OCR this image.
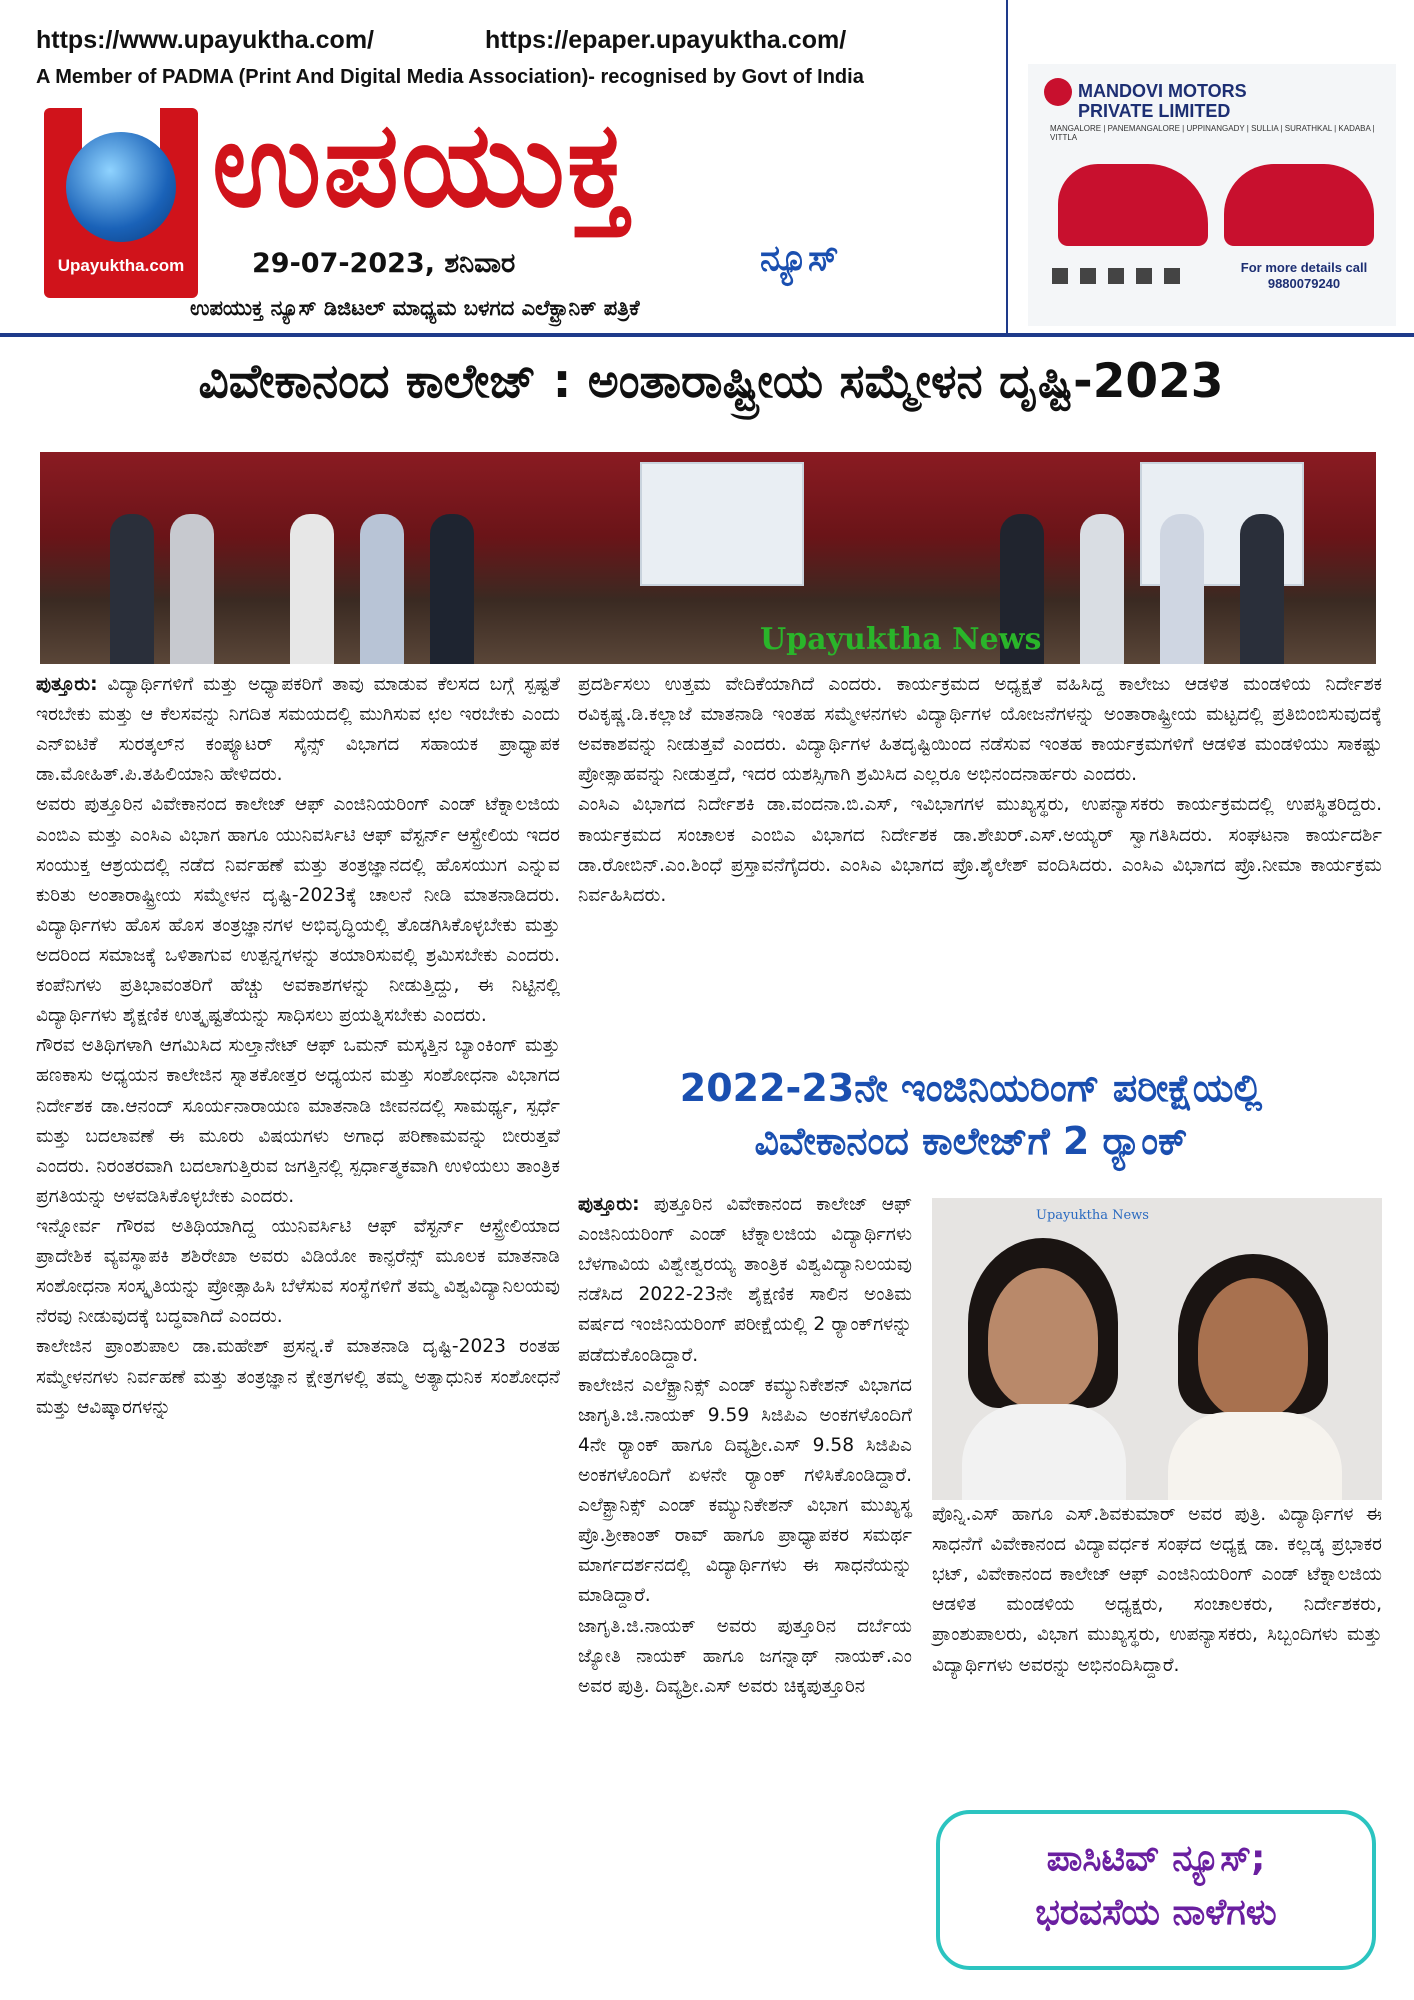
https://www.upayuktha.com/	https://epaper.upayuktha.com/
A Member of PADMA (Print And Digital Media Association)- recognised by Govt of India
Upayuktha.com
ಉಪಯುಕ್ತ
ನ್ಯೂಸ್
29-07-2023, ಶನಿವಾರ
ಉಪಯುಕ್ತ ನ್ಯೂಸ್ ಡಿಜಿಟಲ್ ಮಾಧ್ಯಮ ಬಳಗದ ಎಲೆಕ್ಟ್ರಾನಿಕ್ ಪತ್ರಿಕೆ
MANDOVI MOTORS
PRIVATE LIMITED
MANGALORE | PANEMANGALORE | UPPINANGADY | SULLIA | SURATHKAL | KADABA | VITTLA
For more details call
9880079240
ವಿವೇಕಾನಂದ ಕಾಲೇಜ್ : ಅಂತಾರಾಷ್ಟ್ರೀಯ ಸಮ್ಮೇಳನ ದೃಷ್ಟಿ-2023
Upayuktha News

ಪುತ್ತೂರು: ವಿದ್ಯಾರ್ಥಿಗಳಿಗೆ ಮತ್ತು ಅಧ್ಯಾಪಕರಿಗೆ ತಾವು ಮಾಡುವ ಕೆಲಸದ ಬಗ್ಗೆ ಸ್ಪಷ್ಟತೆ ಇರಬೇಕು ಮತ್ತು ಆ ಕೆಲಸವನ್ನು ನಿಗದಿತ ಸಮಯದಲ್ಲಿ ಮುಗಿಸುವ ಛಲ ಇರಬೇಕು ಎಂದು ಎನ್‌ಐಟಿಕೆ ಸುರತ್ಕಲ್‌ನ ಕಂಪ್ಯೂಟರ್ ಸೈನ್ಸ್ ವಿಭಾಗದ ಸಹಾಯಕ ಪ್ರಾಧ್ಯಾಪಕ ಡಾ.ಮೋಹಿತ್.ಪಿ.ತಹಿಲಿಯಾನಿ ಹೇಳಿದರು.

ಅವರು ಪುತ್ತೂರಿನ ವಿವೇಕಾನಂದ ಕಾಲೇಜ್ ಆಫ್ ಎಂಜಿನಿಯರಿಂಗ್ ಎಂಡ್ ಟೆಕ್ನಾಲಜಿಯ ಎಂಬಿಎ ಮತ್ತು ಎಂಸಿಎ ವಿಭಾಗ ಹಾಗೂ ಯುನಿವರ್ಸಿಟಿ ಆಫ್ ವೆಸ್ಟರ್ನ್ ಆಸ್ಟ್ರೇಲಿಯ ಇದರ ಸಂಯುಕ್ತ ಆಶ್ರಯದಲ್ಲಿ ನಡೆದ ನಿರ್ವಹಣೆ ಮತ್ತು ತಂತ್ರಜ್ಞಾನದಲ್ಲಿ ಹೊಸಯುಗ ಎನ್ನುವ ಕುರಿತು ಅಂತಾರಾಷ್ಟ್ರೀಯ ಸಮ್ಮೇಳನ ದೃಷ್ಟಿ-2023ಕ್ಕೆ ಚಾಲನೆ ನೀಡಿ ಮಾತನಾಡಿದರು. ವಿದ್ಯಾರ್ಥಿಗಳು ಹೊಸ ಹೊಸ ತಂತ್ರಜ್ಞಾನಗಳ ಅಭಿವೃದ್ಧಿಯಲ್ಲಿ ತೊಡಗಿಸಿಕೊಳ್ಳಬೇಕು ಮತ್ತು ಅದರಿಂದ ಸಮಾಜಕ್ಕೆ ಒಳಿತಾಗುವ ಉತ್ಪನ್ನಗಳನ್ನು ತಯಾರಿಸುವಲ್ಲಿ ಶ್ರಮಿಸಬೇಕು ಎಂದರು. ಕಂಪೆನಿಗಳು ಪ್ರತಿಭಾವಂತರಿಗೆ ಹೆಚ್ಚು ಅವಕಾಶಗಳನ್ನು ನೀಡುತ್ತಿದ್ದು, ಈ ನಿಟ್ಟಿನಲ್ಲಿ ವಿದ್ಯಾರ್ಥಿಗಳು ಶೈಕ್ಷಣಿಕ ಉತ್ಕೃಷ್ಟತೆಯನ್ನು ಸಾಧಿಸಲು ಪ್ರಯತ್ನಿಸಬೇಕು ಎಂದರು.

ಗೌರವ ಅತಿಥಿಗಳಾಗಿ ಆಗಮಿಸಿದ ಸುಲ್ತಾನೇಟ್ ಆಫ್ ಒಮನ್ ಮಸ್ಕತ್ತಿನ ಬ್ಯಾಂಕಿಂಗ್ ಮತ್ತು ಹಣಕಾಸು ಅಧ್ಯಯನ ಕಾಲೇಜಿನ ಸ್ನಾತಕೋತ್ತರ ಅಧ್ಯಯನ ಮತ್ತು ಸಂಶೋಧನಾ ವಿಭಾಗದ ನಿರ್ದೇಶಕ ಡಾ.ಆನಂದ್ ಸೂರ್ಯನಾರಾಯಣ ಮಾತನಾಡಿ ಜೀವನದಲ್ಲಿ ಸಾಮರ್ಥ್ಯ, ಸ್ಪರ್ಧೆ ಮತ್ತು ಬದಲಾವಣೆ ಈ ಮೂರು ವಿಷಯಗಳು ಅಗಾಧ ಪರಿಣಾಮವನ್ನು ಬೀರುತ್ತವೆ ಎಂದರು. ನಿರಂತರವಾಗಿ ಬದಲಾಗುತ್ತಿರುವ ಜಗತ್ತಿನಲ್ಲಿ ಸ್ಪರ್ಧಾತ್ಮಕವಾಗಿ ಉಳಿಯಲು ತಾಂತ್ರಿಕ ಪ್ರಗತಿಯನ್ನು ಅಳವಡಿಸಿಕೊಳ್ಳಬೇಕು ಎಂದರು.

ಇನ್ನೋರ್ವ ಗೌರವ ಅತಿಥಿಯಾಗಿದ್ದ ಯುನಿವರ್ಸಿಟಿ ಆಫ್ ವೆಸ್ಟರ್ನ್ ಆಸ್ಟ್ರೇಲಿಯಾದ ಪ್ರಾದೇಶಿಕ ವ್ಯವಸ್ಥಾಪಕಿ ಶಶಿರೇಖಾ ಅವರು ವಿಡಿಯೋ ಕಾನ್ಫರೆನ್ಸ್ ಮೂಲಕ ಮಾತನಾಡಿ ಸಂಶೋಧನಾ ಸಂಸ್ಕೃತಿಯನ್ನು ಪ್ರೋತ್ಸಾಹಿಸಿ ಬೆಳೆಸುವ ಸಂಸ್ಥೆಗಳಿಗೆ ತಮ್ಮ ವಿಶ್ವವಿದ್ಯಾನಿಲಯವು ನೆರವು ನೀಡುವುದಕ್ಕೆ ಬದ್ಧವಾಗಿದೆ ಎಂದರು.

ಕಾಲೇಜಿನ ಪ್ರಾಂಶುಪಾಲ ಡಾ.ಮಹೇಶ್ ಪ್ರಸನ್ನ.ಕೆ ಮಾತನಾಡಿ ದೃಷ್ಟಿ-2023 ರಂತಹ ಸಮ್ಮೇಳನಗಳು ನಿರ್ವಹಣೆ ಮತ್ತು ತಂತ್ರಜ್ಞಾನ ಕ್ಷೇತ್ರಗಳಲ್ಲಿ ತಮ್ಮ ಅತ್ಯಾಧುನಿಕ ಸಂಶೋಧನೆ ಮತ್ತು ಆವಿಷ್ಕಾರಗಳನ್ನು

ಪ್ರದರ್ಶಿಸಲು ಉತ್ತಮ ವೇದಿಕೆಯಾಗಿದೆ ಎಂದರು. ಕಾರ್ಯಕ್ರಮದ ಅಧ್ಯಕ್ಷತೆ ವಹಿಸಿದ್ದ ಕಾಲೇಜು ಆಡಳಿತ ಮಂಡಳಿಯ ನಿರ್ದೇಶಕ ರವಿಕೃಷ್ಣ.ಡಿ.ಕಲ್ಲಾಜೆ ಮಾತನಾಡಿ ಇಂತಹ ಸಮ್ಮೇಳನಗಳು ವಿದ್ಯಾರ್ಥಿಗಳ ಯೋಜನೆಗಳನ್ನು ಅಂತಾರಾಷ್ಟ್ರೀಯ ಮಟ್ಟದಲ್ಲಿ ಪ್ರತಿಬಿಂಬಿಸುವುದಕ್ಕೆ ಅವಕಾಶವನ್ನು ನೀಡುತ್ತವೆ ಎಂದರು. ವಿದ್ಯಾರ್ಥಿಗಳ ಹಿತದೃಷ್ಟಿಯಿಂದ ನಡೆಸುವ ಇಂತಹ ಕಾರ್ಯಕ್ರಮಗಳಿಗೆ ಆಡಳಿತ ಮಂಡಳಿಯು ಸಾಕಷ್ಟು ಪ್ರೋತ್ಸಾಹವನ್ನು ನೀಡುತ್ತದೆ, ಇದರ ಯಶಸ್ಸಿಗಾಗಿ ಶ್ರಮಿಸಿದ ಎಲ್ಲರೂ ಅಭಿನಂದನಾರ್ಹರು ಎಂದರು.

ಎಂಸಿಎ ವಿಭಾಗದ ನಿರ್ದೇಶಕಿ ಡಾ.ವಂದನಾ.ಬಿ.ಎಸ್, ಇವಿಭಾಗಗಳ ಮುಖ್ಯಸ್ಥರು, ಉಪನ್ಯಾಸಕರು ಕಾರ್ಯಕ್ರಮದಲ್ಲಿ ಉಪಸ್ಥಿತರಿದ್ದರು. ಕಾರ್ಯಕ್ರಮದ ಸಂಚಾಲಕ ಎಂಬಿಎ ವಿಭಾಗದ ನಿರ್ದೇಶಕ ಡಾ.ಶೇಖರ್.ಎಸ್.ಅಯ್ಯರ್ ಸ್ವಾಗತಿಸಿದರು. ಸಂಘಟನಾ ಕಾರ್ಯದರ್ಶಿ ಡಾ.ರೋಬಿನ್.ಎಂ.ಶಿಂಧೆ ಪ್ರಸ್ತಾವನೆಗೈದರು. ಎಂಸಿಎ ವಿಭಾಗದ ಪ್ರೊ.ಶೈಲೇಶ್ ವಂದಿಸಿದರು. ಎಂಸಿಎ ವಿಭಾಗದ ಪ್ರೊ.ನೀಮಾ ಕಾರ್ಯಕ್ರಮ ನಿರ್ವಹಿಸಿದರು.

2022-23ನೇ ಇಂಜಿನಿಯರಿಂಗ್ ಪರೀಕ್ಷೆಯಲ್ಲಿ
ವಿವೇಕಾನಂದ ಕಾಲೇಜ್‌ಗೆ 2 ರ್‍ಯಾಂಕ್

ಪುತ್ತೂರು: ಪುತ್ತೂರಿನ ವಿವೇಕಾನಂದ ಕಾಲೇಜ್ ಆಫ್ ಎಂಜಿನಿಯರಿಂಗ್ ಎಂಡ್ ಟೆಕ್ನಾಲಜಿಯ ವಿದ್ಯಾರ್ಥಿಗಳು ಬೆಳಗಾವಿಯ ವಿಶ್ವೇಶ್ವರಯ್ಯ ತಾಂತ್ರಿಕ ವಿಶ್ವವಿದ್ಯಾನಿಲಯವು ನಡೆಸಿದ 2022-23ನೇ ಶೈಕ್ಷಣಿಕ ಸಾಲಿನ ಅಂತಿಮ ವರ್ಷದ ಇಂಜಿನಿಯರಿಂಗ್ ಪರೀಕ್ಷೆಯಲ್ಲಿ 2 ರ್‍ಯಾಂಕ್‌ಗಳನ್ನು ಪಡೆದುಕೊಂಡಿದ್ದಾರೆ.

ಕಾಲೇಜಿನ ಎಲೆಕ್ಟ್ರಾನಿಕ್ಸ್ ಎಂಡ್ ಕಮ್ಯುನಿಕೇಶನ್ ವಿಭಾಗದ ಜಾಗೃತಿ.ಜಿ.ನಾಯಕ್ 9.59 ಸಿಜಿಪಿಎ ಅಂಕಗಳೊಂದಿಗೆ 4ನೇ ರ್‍ಯಾಂಕ್ ಹಾಗೂ ದಿವ್ಯಶ್ರೀ.ಎಸ್ 9.58 ಸಿಜಿಪಿಎ ಅಂಕಗಳೊಂದಿಗೆ ಏಳನೇ ರ್‍ಯಾಂಕ್ ಗಳಿಸಿಕೊಂಡಿದ್ದಾರೆ. ಎಲೆಕ್ಟ್ರಾನಿಕ್ಸ್ ಎಂಡ್ ಕಮ್ಯುನಿಕೇಶನ್ ವಿಭಾಗ ಮುಖ್ಯಸ್ಥ ಪ್ರೊ.ಶ್ರೀಕಾಂತ್ ರಾವ್ ಹಾಗೂ ಪ್ರಾಧ್ಯಾಪಕರ ಸಮರ್ಥ ಮಾರ್ಗದರ್ಶನದಲ್ಲಿ ವಿದ್ಯಾರ್ಥಿಗಳು ಈ ಸಾಧನೆಯನ್ನು ಮಾಡಿದ್ದಾರೆ.

ಜಾಗೃತಿ.ಜಿ.ನಾಯಕ್ ಅವರು ಪುತ್ತೂರಿನ ದರ್ಬೆಯ ಜ್ಯೋತಿ ನಾಯಕ್ ಹಾಗೂ ಜಗನ್ನಾಥ್ ನಾಯಕ್.ಎಂ ಅವರ ಪುತ್ರಿ. ದಿವ್ಯಶ್ರೀ.ಎಸ್ ಅವರು ಚಿಕ್ಕಪುತ್ತೂರಿನ

Upayuktha News

ಪೊನ್ನಿ.ಎಸ್ ಹಾಗೂ ಎಸ್.ಶಿವಕುಮಾರ್ ಅವರ ಪುತ್ರಿ. ವಿದ್ಯಾರ್ಥಿಗಳ ಈ ಸಾಧನೆಗೆ ವಿವೇಕಾನಂದ ವಿದ್ಯಾವರ್ಧಕ ಸಂಘದ ಅಧ್ಯಕ್ಷ ಡಾ. ಕಲ್ಲಡ್ಕ ಪ್ರಭಾಕರ ಭಟ್, ವಿವೇಕಾನಂದ ಕಾಲೇಜ್ ಆಫ್ ಎಂಜಿನಿಯರಿಂಗ್ ಎಂಡ್ ಟೆಕ್ನಾಲಜಿಯ ಆಡಳಿತ ಮಂಡಳಿಯ ಅಧ್ಯಕ್ಷರು, ಸಂಚಾಲಕರು, ನಿರ್ದೇಶಕರು, ಪ್ರಾಂಶುಪಾಲರು, ವಿಭಾಗ ಮುಖ್ಯಸ್ಥರು, ಉಪನ್ಯಾಸಕರು, ಸಿಬ್ಬಂದಿಗಳು ಮತ್ತು ವಿದ್ಯಾರ್ಥಿಗಳು ಅವರನ್ನು ಅಭಿನಂದಿಸಿದ್ದಾರೆ.

ಪಾಸಿಟಿವ್ ನ್ಯೂಸ್;
ಭರವಸೆಯ ನಾಳೆಗಳು
